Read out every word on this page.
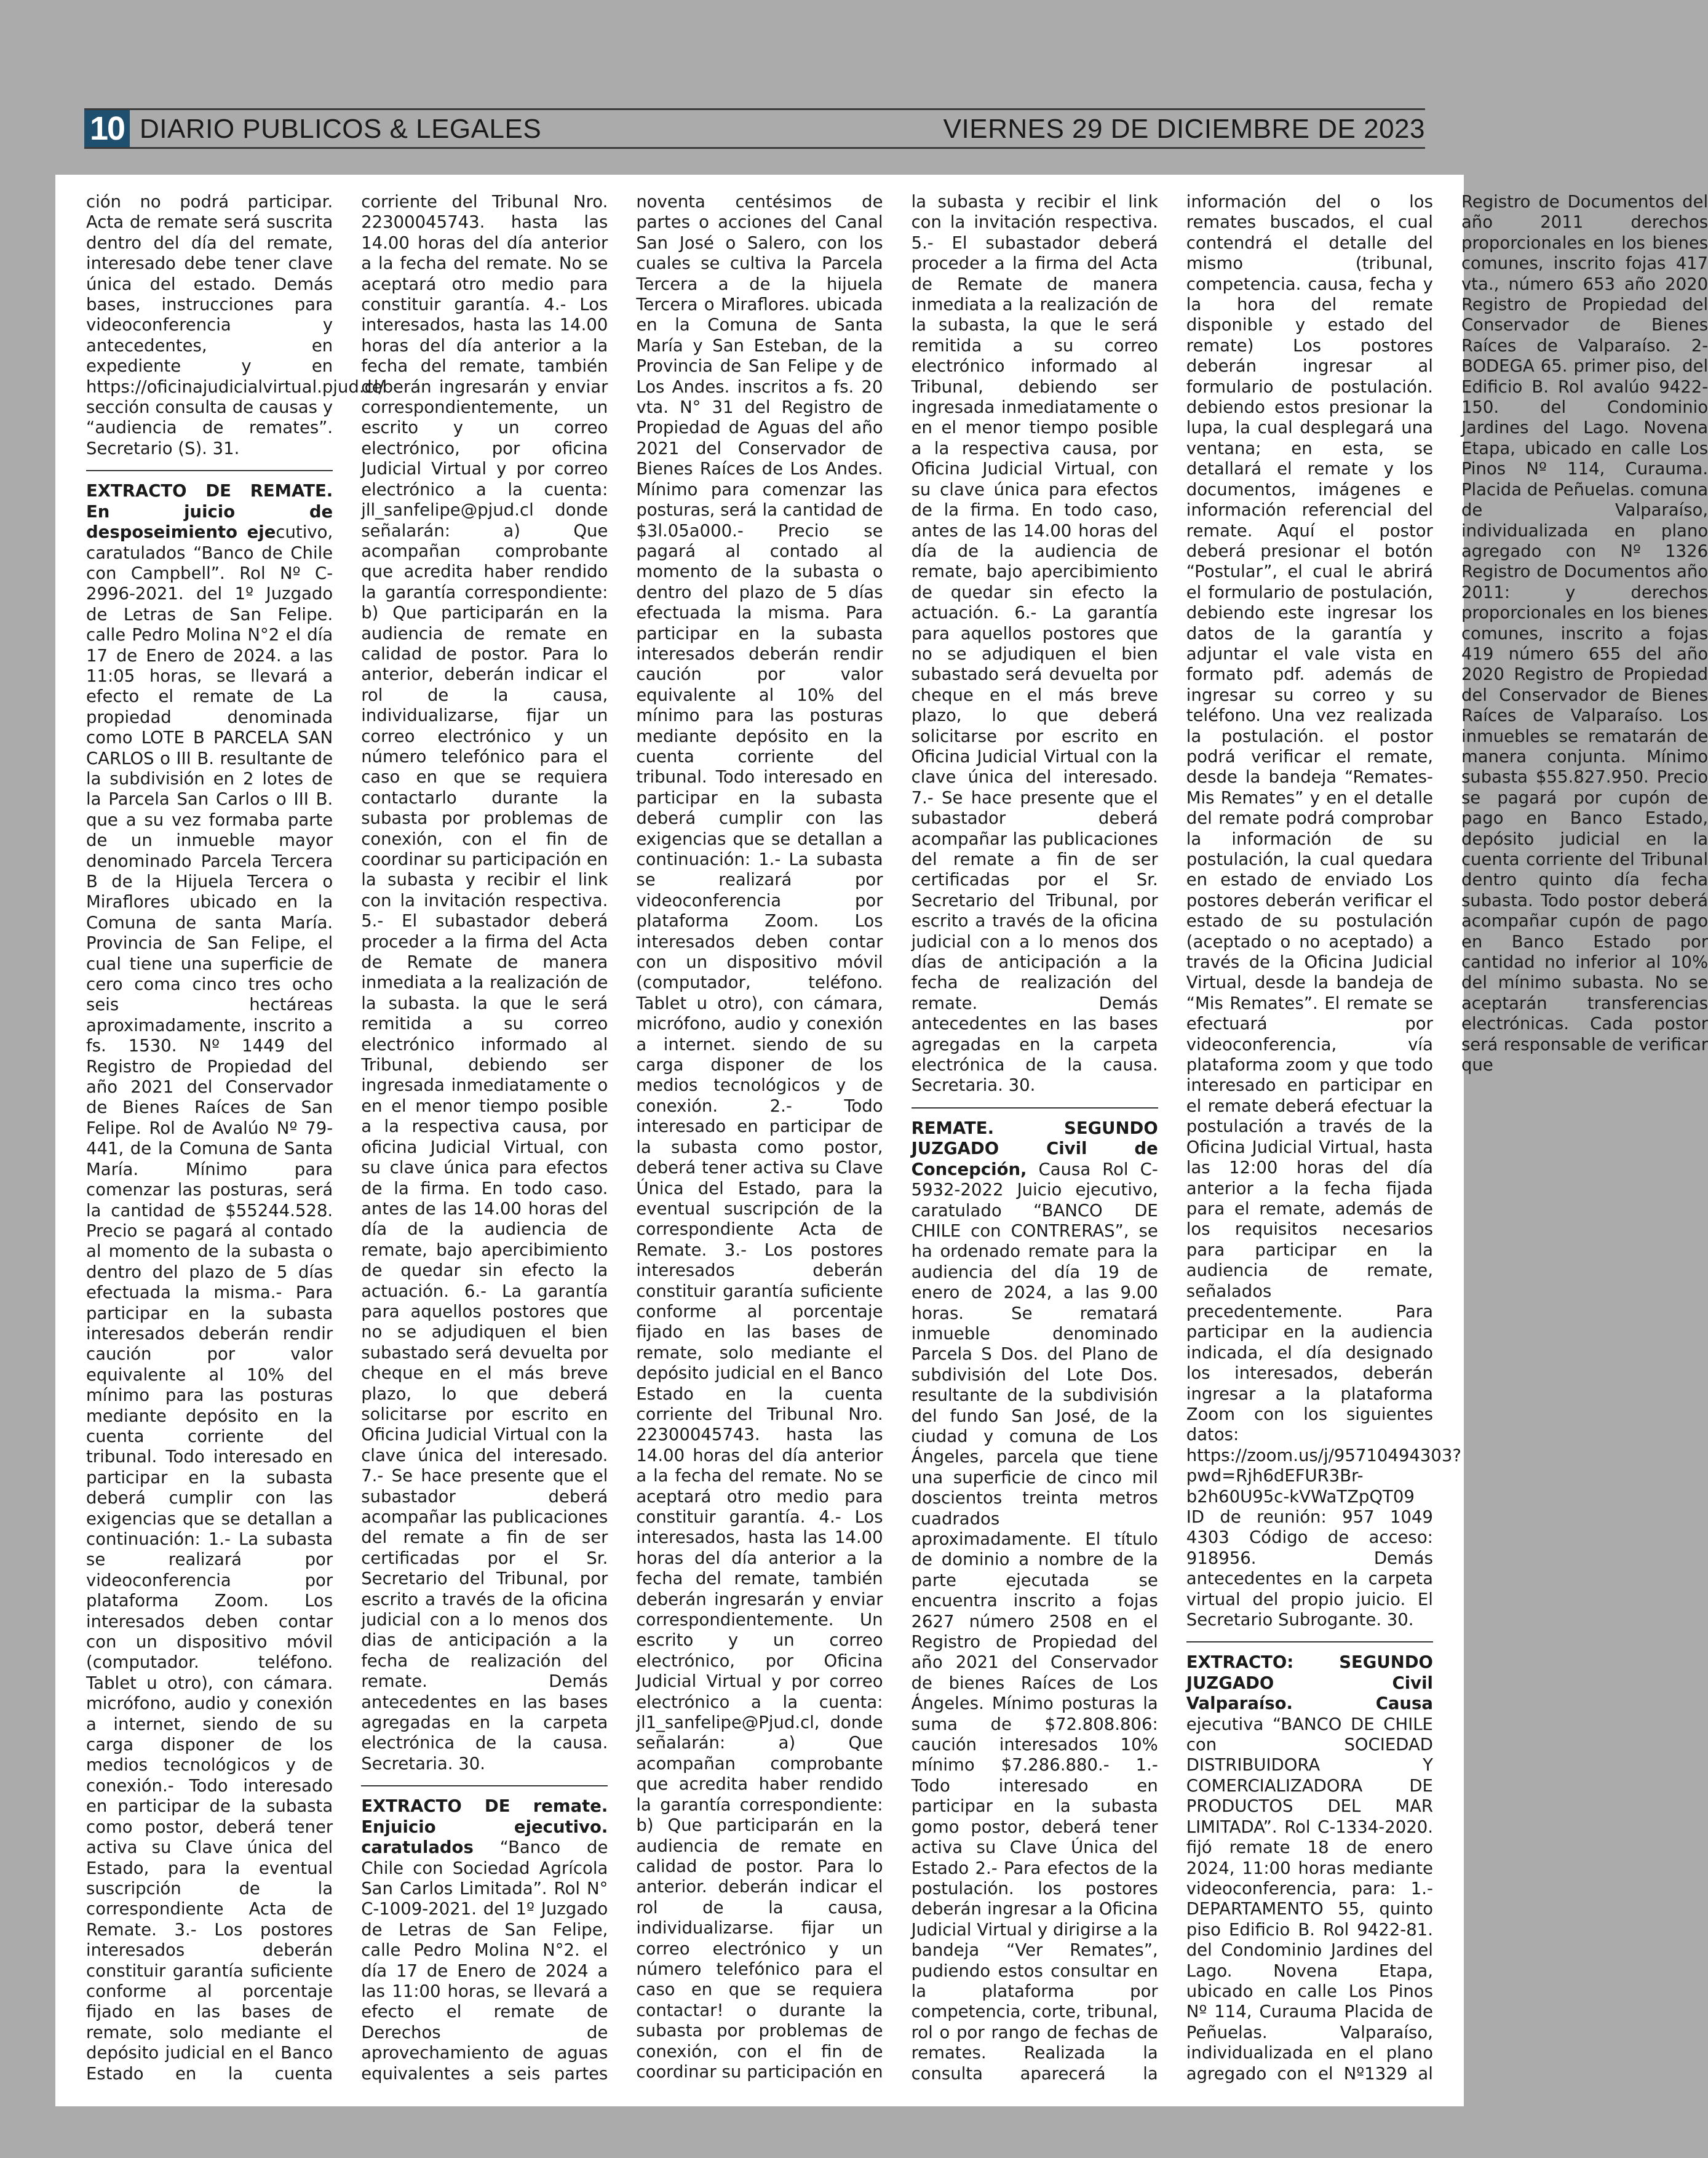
10 DIARIO PUBLICOS & LEGALES	VIERNES 29 DE DICIEMBRE DE 2023

ción no podrá participar. Acta de remate será suscrita dentro del día del remate, interesado debe tener clave única del estado. Demás bases, instrucciones para videoconferencia y antecedentes, en expediente y en https://oficinajudicialvirtual.pjud.cl/ sección consulta de causas y “audiencia de remates”. Secretario (S). 31.

EXTRACTO DE REMATE. En juicio de desposeimiento ejecutivo, caratulados “Banco de Chile con Campbell”. Rol Nº C-2996-2021. del 1º Juzgado de Letras de San Felipe. calle Pedro Molina N°2 el día 17 de Enero de 2024. a las 11:05 horas, se llevará a efecto el remate de La propiedad denominada como LOTE B PARCELA SAN CARLOS o III B. resultante de la subdivisión en 2 lotes de la Parcela San Carlos o III B. que a su vez formaba parte de un inmueble mayor denominado Parcela Tercera B de la Hijuela Tercera o Miraflores ubicado en la Comuna de santa María. Provincia de San Felipe, el cual tiene una superficie de cero coma cinco tres ocho seis hectáreas aproximadamente, inscrito a fs. 1530. Nº 1449 del Registro de Propiedad del año 2021 del Conservador de Bienes Raíces de San Felipe. Rol de Avalúo Nº 79-441, de la Comuna de Santa María. Mínimo para comenzar las posturas, será la cantidad de $55244.528. Precio se pagará al contado al momento de la subasta o dentro del plazo de 5 días efectuada la misma.- Para participar en la subasta interesados deberán rendir caución por valor equivalente al 10% del mínimo para las posturas mediante depósito en la cuenta corriente del tribunal. Todo interesado en participar en la subasta deberá cumplir con las exigencias que se detallan a continuación: 1.- La subasta se realizará por videoconferencia por plataforma Zoom. Los interesados deben contar con un dispositivo móvil (computador. teléfono. Tablet u otro), con cámara. micrófono, audio y conexión a internet, siendo de su carga disponer de los medios tecnológicos y de conexión.- Todo interesado en participar de la subasta como postor, deberá tener activa su Clave única del Estado, para la eventual suscripción de la correspondiente Acta de Remate. 3.- Los postores interesados deberán constituir garantía suficiente conforme al porcentaje fijado en las bases de remate, solo mediante el depósito judicial en el Banco Estado en la cuenta corriente del Tribunal Nro. 22300045743. hasta las 14.00 horas del día anterior a la fecha del remate. No se aceptará otro medio para constituir garantía. 4.- Los interesados, hasta las 14.00 horas del día anterior a la fecha del remate, también deberán ingresarán y enviar correspondientemente, un escrito y un correo electrónico, por oficina Judicial Virtual y por correo electrónico a la cuenta: jll_sanfelipe@pjud.cl donde señalarán: a) Que acompañan comprobante que acredita haber rendido la garantía correspondiente: b) Que participarán en la audiencia de remate en calidad de postor. Para lo anterior, deberán indicar el rol de la causa, individualizarse, fijar un correo electrónico y un número telefónico para el caso en que se requiera contactarlo durante la subasta por problemas de conexión, con el fin de coordinar su participación en la subasta y recibir el link con la invitación respectiva. 5.- El subastador deberá proceder a la firma del Acta de Remate de manera inmediata a la realización de la subasta. la que le será remitida a su correo electrónico informado al Tribunal, debiendo ser ingresada inmediatamente o en el menor tiempo posible a la respectiva causa, por oficina Judicial Virtual, con su clave única para efectos de la firma. En todo caso. antes de las 14.00 horas del día de la audiencia de remate, bajo apercibimiento de quedar sin efecto la actuación. 6.- La garantía para aquellos postores que no se adjudiquen el bien subastado será devuelta por cheque en el más breve plazo, lo que deberá solicitarse por escrito en Oficina Judicial Virtual con la clave única del interesado. 7.- Se hace presente que el subastador deberá acompañar las publicaciones del remate a fin de ser certificadas por el Sr. Secretario del Tribunal, por escrito a través de la oficina judicial con a lo menos dos dias de anticipación a la fecha de realización del remate. Demás antecedentes en las bases agregadas en la carpeta electrónica de la causa. Secretaria. 30.

EXTRACTO DE remate. Enjuicio ejecutivo. caratulados “Banco de Chile con Sociedad Agrícola San Carlos Limitada”. Rol N° C-1009-2021. del 1º Juzgado de Letras de San Felipe, calle Pedro Molina N°2. el día 17 de Enero de 2024 a las 11:00 horas, se llevará a efecto el remate de Derechos de aprovechamiento de aguas equivalentes a seis partes noventa centésimos de partes o acciones del Canal San José o Salero, con los cuales se cultiva la Parcela Tercera a de la hijuela Tercera o Miraflores. ubicada en la Comuna de Santa María y San Esteban, de la Provincia de San Felipe y de Los Andes. inscritos a fs. 20 vta. N° 31 del Registro de Propiedad de Aguas del año 2021 del Conservador de Bienes Raíces de Los Andes. Mínimo para comenzar las posturas, será la cantidad de $3l.05a000.- Precio se pagará al contado al momento de la subasta o dentro del plazo de 5 días efectuada la misma. Para participar en la subasta interesados deberán rendir caución por valor equivalente al 10% del mínimo para las posturas mediante depósito en la cuenta corriente del tribunal. Todo interesado en participar en la subasta deberá cumplir con las exigencias que se detallan a continuación: 1.- La subasta se realizará por videoconferencia por plataforma Zoom. Los interesados deben contar con un dispositivo móvil (computador, teléfono. Tablet u otro), con cámara, micrófono, audio y conexión a internet. siendo de su carga disponer de los medios tecnológicos y de conexión. 2.- Todo interesado en participar de la subasta como postor, deberá tener activa su Clave Única del Estado, para la eventual suscripción de la correspondiente Acta de Remate. 3.- Los postores interesados deberán constituir garantía suficiente conforme al porcentaje fijado en las bases de remate, solo mediante el depósito judicial en el Banco Estado en la cuenta corriente del Tribunal Nro. 22300045743. hasta las 14.00 horas del día anterior a la fecha del remate. No se aceptará otro medio para constituir garantía. 4.- Los interesados, hasta las 14.00 horas del día anterior a la fecha del remate, también deberán ingresarán y enviar correspondientemente. Un escrito y un correo electrónico, por Oficina Judicial Virtual y por correo electrónico a la cuenta: jl1_sanfelipe@Pjud.cl, donde señalarán: a) Que acompañan comprobante que acredita haber rendido la garantía correspondiente: b) Que participarán en la audiencia de remate en calidad de postor. Para lo anterior. deberán indicar el rol de la causa, individualizarse. fijar un correo electrónico y un número telefónico para el caso en que se requiera contactar! o durante la subasta por problemas de conexión, con el fin de coordinar su participación en la subasta y recibir el link con la invitación respectiva. 5.- El subastador deberá proceder a la firma del Acta de Remate de manera inmediata a la realización de la subasta, la que le será remitida a su correo electrónico informado al Tribunal, debiendo ser ingresada inmediatamente o en el menor tiempo posible a la respectiva causa, por Oficina Judicial Virtual, con su clave única para efectos de la firma. En todo caso, antes de las 14.00 horas del día de la audiencia de remate, bajo apercibimiento de quedar sin efecto la actuación. 6.- La garantía para aquellos postores que no se adjudiquen el bien subastado será devuelta por cheque en el más breve plazo, lo que deberá solicitarse por escrito en Oficina Judicial Virtual con la clave única del interesado. 7.- Se hace presente que el subastador deberá acompañar las publicaciones del remate a fin de ser certificadas por el Sr. Secretario del Tribunal, por escrito a través de la oficina judicial con a lo menos dos días de anticipación a la fecha de realización del remate. Demás antecedentes en las bases agregadas en la carpeta electrónica de la causa. Secretaria. 30.

REMATE. SEGUNDO JUZGADO Civil de Concepción, Causa Rol C-5932-2022 Juicio ejecutivo, caratulado “BANCO DE CHILE con CONTRERAS”, se ha ordenado remate para la audiencia del día 19 de enero de 2024, a las 9.00 horas. Se rematará inmueble denominado Parcela S Dos. del Plano de subdivisión del Lote Dos. resultante de la subdivisión del fundo San José, de la ciudad y comuna de Los Ángeles, parcela que tiene una superficie de cinco mil doscientos treinta metros cuadrados aproximadamente. El título de dominio a nombre de la parte ejecutada se encuentra inscrito a fojas 2627 número 2508 en el Registro de Propiedad del año 2021 del Conservador de bienes Raíces de Los Ángeles. Mínimo posturas la suma de $72.808.806: caución interesados 10% mínimo $7.286.880.- 1.- Todo interesado en participar en la subasta gomo postor, deberá tener activa su Clave Única del Estado 2.- Para efectos de la postulación. los postores deberán ingresar a la Oficina Judicial Virtual y dirigirse a la bandeja “Ver Remates”, pudiendo estos consultar en la plataforma por competencia, corte, tribunal, rol o por rango de fechas de remates. Realizada la consulta aparecerá la información del o los remates buscados, el cual contendrá el detalle del mismo (tribunal, competencia. causa, fecha y la hora del remate disponible y estado del remate) Los postores deberán ingresar al formulario de postulación. debiendo estos presionar la lupa, la cual desplegará una ventana; en esta, se detallará el remate y los documentos, imágenes e información referencial del remate. Aquí el postor deberá presionar el botón “Postular”, el cual le abrirá el formulario de postulación, debiendo este ingresar los datos de la garantía y adjuntar el vale vista en formato pdf. además de ingresar su correo y su teléfono. Una vez realizada la postulación. el postor podrá verificar el remate, desde la bandeja “Remates- Mis Remates” y en el detalle del remate podrá comprobar la información de su postulación, la cual quedara en estado de enviado Los postores deberán verificar el estado de su postulación (aceptado o no aceptado) a través de la Oficina Judicial Virtual, desde la bandeja de “Mis Remates”. El remate se efectuará por videoconferencia, vía plataforma zoom y que todo interesado en participar en el remate deberá efectuar la postulación a través de la Oficina Judicial Virtual, hasta las 12:00 horas del día anterior a la fecha fijada para el remate, además de los requisitos necesarios para participar en la audiencia de remate, señalados precedentemente. Para participar en la audiencia indicada, el día designado los interesados, deberán ingresar a la plataforma Zoom con los siguientes datos: https://zoom.us/j/95710494303?pwd=Rjh6dEFUR3Br-b2h60U95c-kVWaTZpQT09 ID de reunión: 957 1049 4303 Código de acceso: 918956. Demás antecedentes en la carpeta virtual del propio juicio. El Secretario Subrogante. 30.

EXTRACTO: SEGUNDO JUZGADO Civil Valparaíso. Causa ejecutiva “BANCO DE CHILE con SOCIEDAD DISTRIBUIDORA Y COMERCIALIZADORA DE PRODUCTOS DEL MAR LIMITADA”. Rol C-1334-2020. fijó remate 18 de enero 2024, 11:00 horas mediante videoconferencia, para: 1.- DEPARTAMENTO 55, quinto piso Edificio B. Rol 9422-81. del Condominio Jardines del Lago. Novena Etapa, ubicado en calle Los Pinos Nº 114, Curauma Placida de Peñuelas. Valparaíso, individualizada en el plano agregado con el Nº1329 al Registro de Documentos del año 2011 derechos proporcionales en los bienes comunes, inscrito fojas 417 vta., número 653 año 2020 Registro de Propiedad del Conservador de Bienes Raíces de Valparaíso. 2- BODEGA 65. primer piso, del Edificio B. Rol avalúo 9422-150. del Condominio Jardines del Lago. Novena Etapa, ubicado en calle Los Pinos Nº 114, Curauma. Placida de Peñuelas. comuna de Valparaíso, individualizada en plano agregado con Nº 1326 Registro de Documentos año 2011: y derechos proporcionales en los bienes comunes, inscrito a fojas 419 número 655 del año 2020 Registro de Propiedad del Conservador de Bienes Raíces de Valparaíso. Los inmuebles se rematarán de manera conjunta. Mínimo subasta $55.827.950. Precio se pagará por cupón de pago en Banco Estado, depósito judicial en la cuenta corriente del Tribunal dentro quinto día fecha subasta. Todo postor deberá acompañar cupón de pago en Banco Estado por cantidad no inferior al 10% del mínimo subasta. No se aceptarán transferencias electrónicas. Cada postor será responsable de verificar que
